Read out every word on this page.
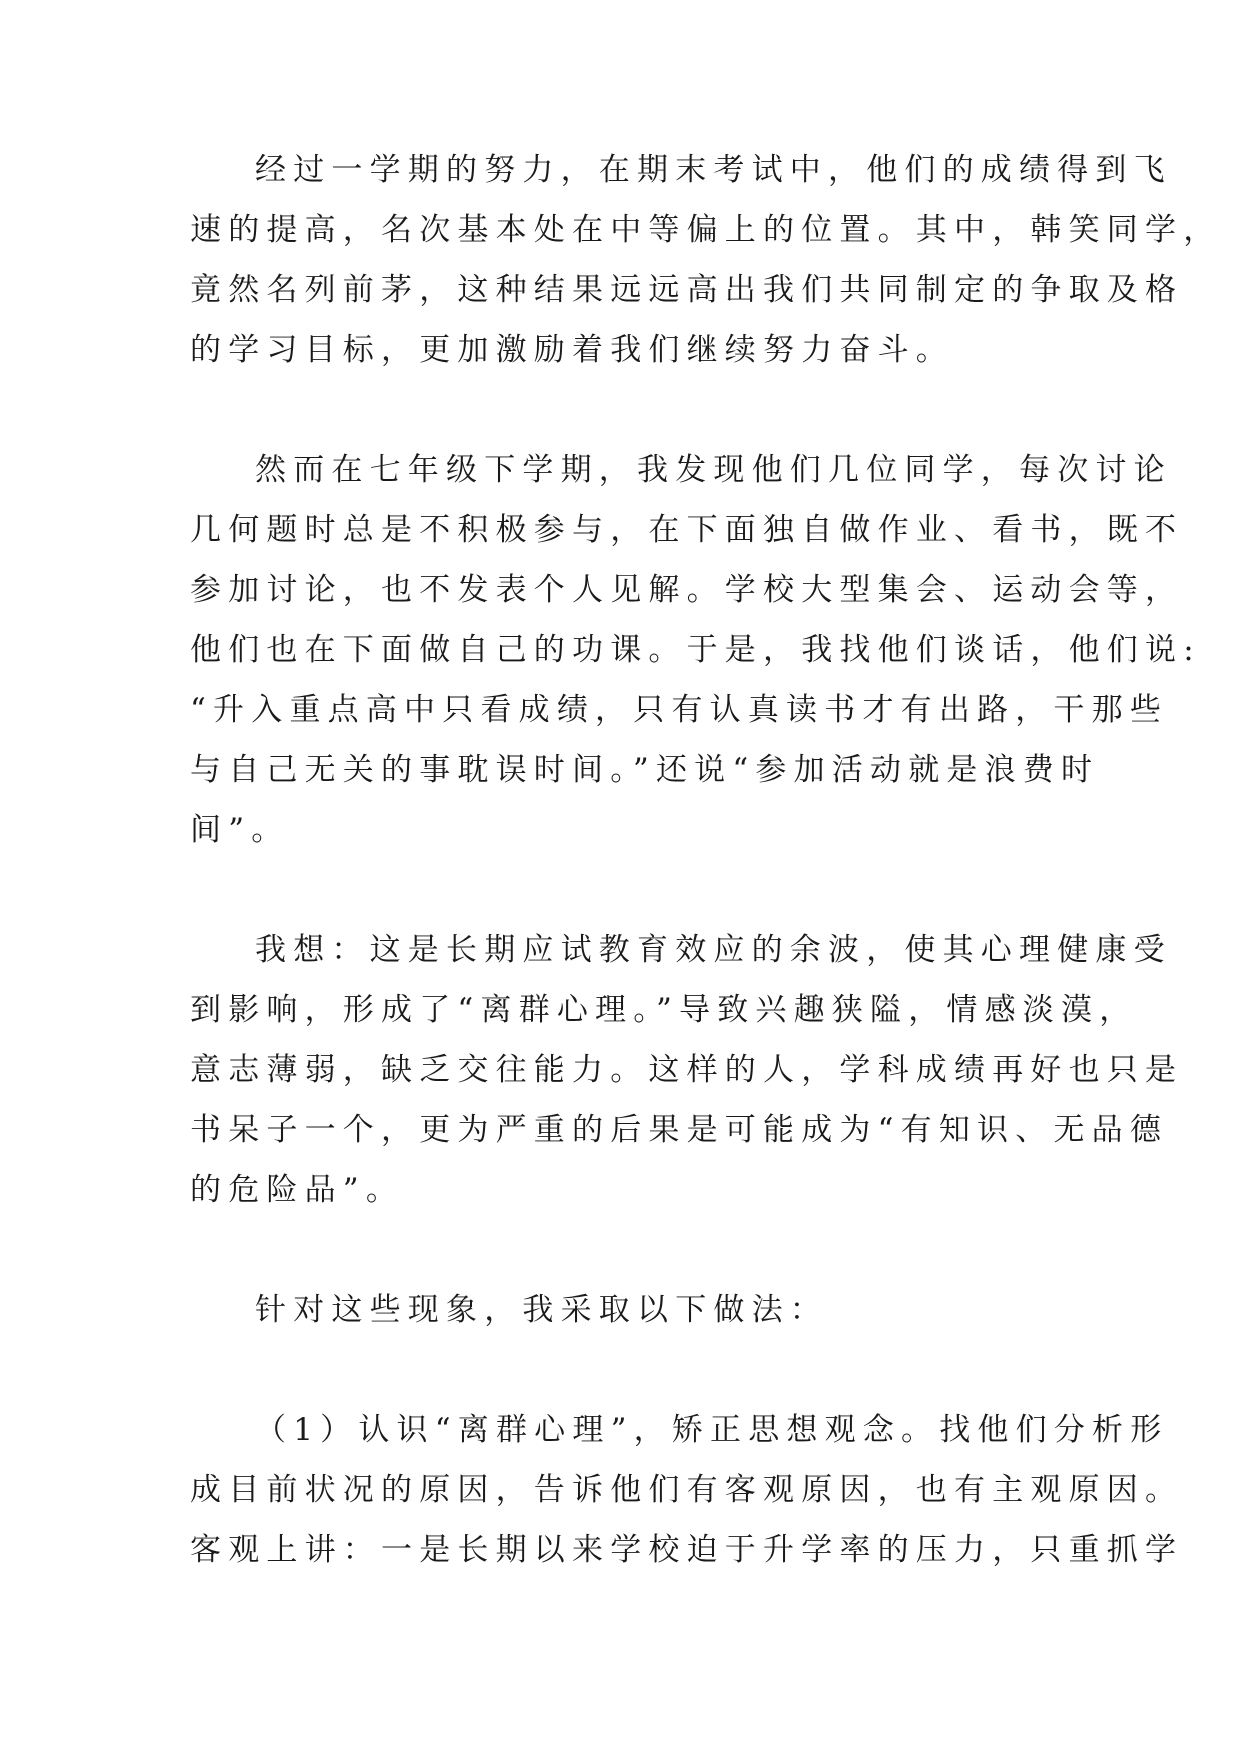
经过一学期的努力，在期末考试中，他们的成绩得到飞
速的提高，名次基本处在中等偏上的位置。其中，韩笑同学，
竟然名列前茅，这种结果远远高出我们共同制定的争取及格
的学习目标，更加激励着我们继续努力奋斗。
然而在七年级下学期，我发现他们几位同学，每次讨论
几何题时总是不积极参与，在下面独自做作业、看书，既不
参加讨论，也不发表个人见解。学校大型集会、运动会等，
他们也在下面做自己的功课。于是，我找他们谈话，他们说:
“升入重点高中只看成绩，只有认真读书才有出路，干那些
与自己无关的事耽误时间。”还说“参加活动就是浪费时
间”。
我想：这是长期应试教育效应的余波，使其心理健康受
到影响，形成了“离群心理。”导致兴趣狭隘，情感淡漠，
意志薄弱，缺乏交往能力。这样的人，学科成绩再好也只是
书呆子一个，更为严重的后果是可能成为“有知识、无品德
的危险品”。
针对这些现象，我采取以下做法：
（1）认识“离群心理”，矫正思想观念。找他们分析形
成目前状况的原因，告诉他们有客观原因，也有主观原因。
客观上讲：一是长期以来学校迫于升学率的压力，只重抓学
